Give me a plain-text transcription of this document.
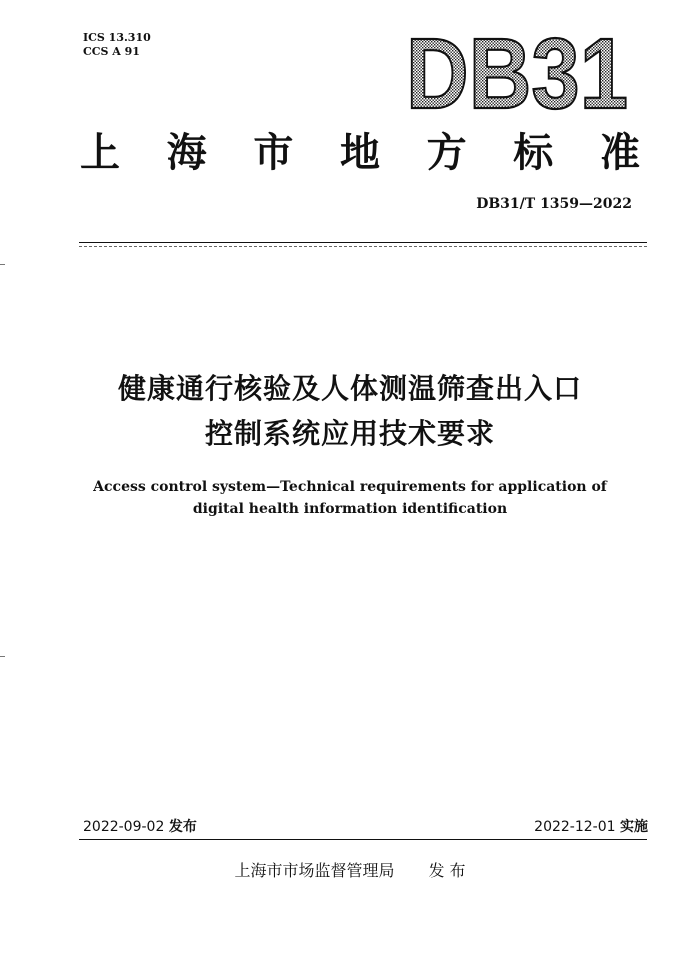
ICS 13.310
CCS A 91	DB31
上 海 市 地 方 标 准
DB31/T 1359—2022
健康通行核验及人体测温筛查出入口
控制系统应用技术要求
Access control system—Technical requirements for application of
digital health information identification
2022-09-02 发布	2022-12-01 实施
上海市市场监督管理局 发 布
